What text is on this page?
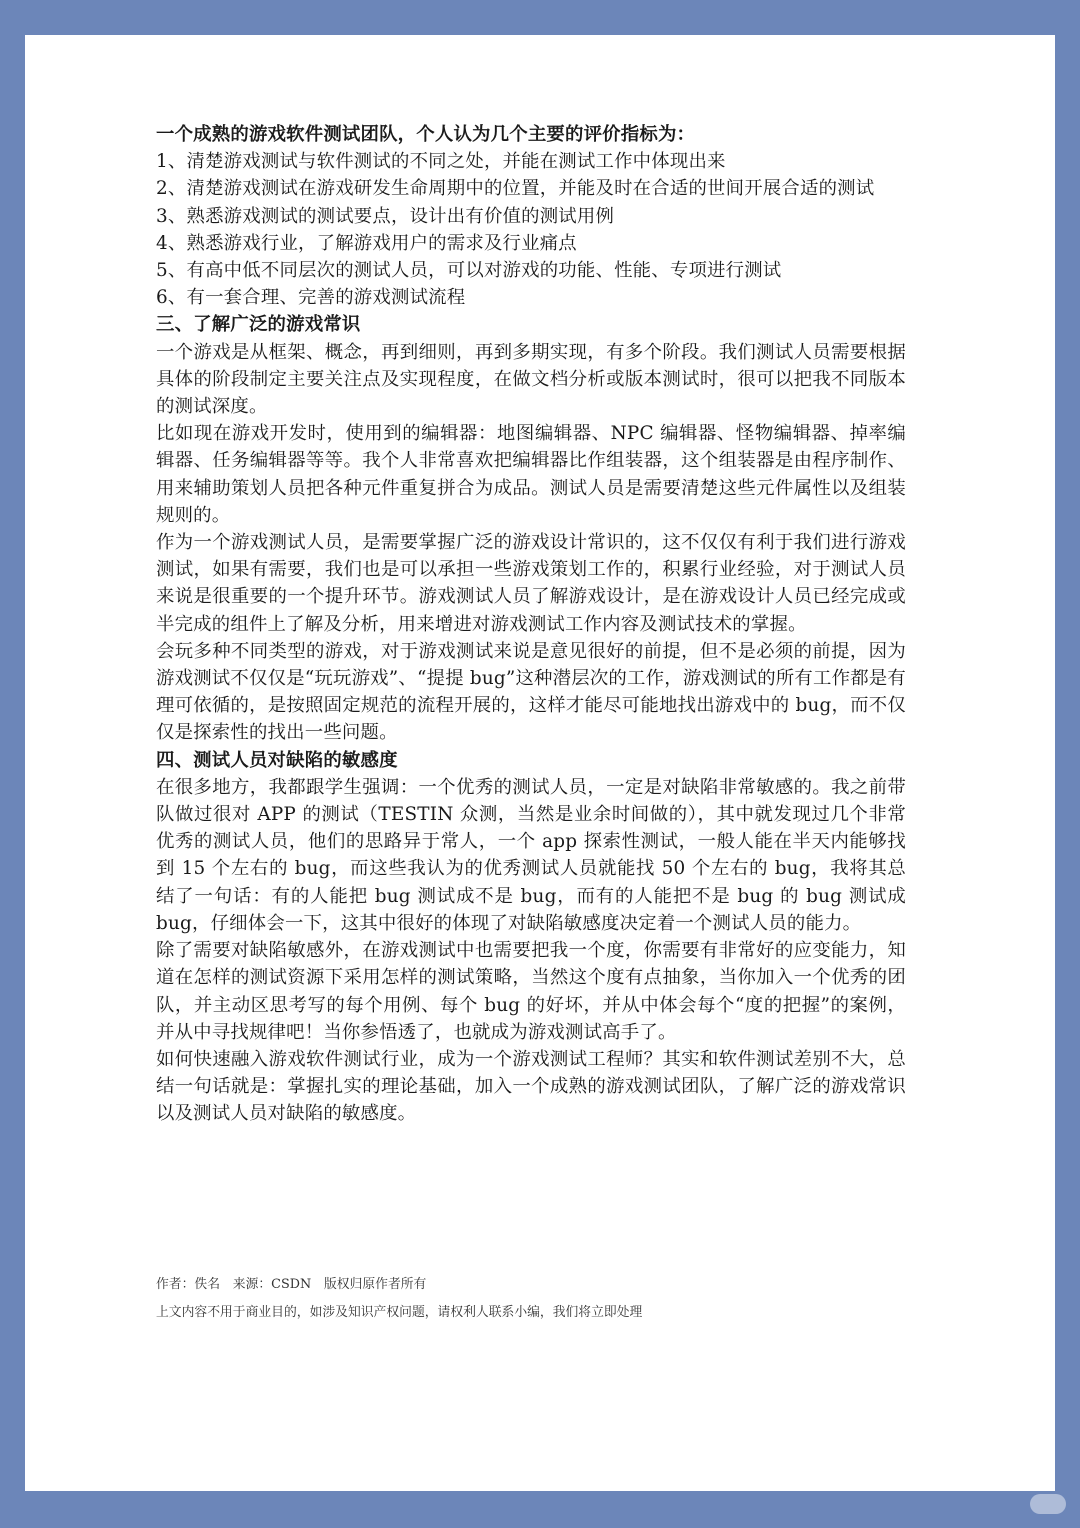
一个成熟的游戏软件测试团队，个人认为几个主要的评价指标为：

1、清楚游戏测试与软件测试的不同之处，并能在测试工作中体现出来

2、清楚游戏测试在游戏研发生命周期中的位置，并能及时在合适的世间开展合适的测试

3、熟悉游戏测试的测试要点，设计出有价值的测试用例

4、熟悉游戏行业，了解游戏用户的需求及行业痛点

5、有高中低不同层次的测试人员，可以对游戏的功能、性能、专项进行测试

6、有一套合理、完善的游戏测试流程

三、了解广泛的游戏常识

一个游戏是从框架、概念，再到细则，再到多期实现，有多个阶段。我们测试人员需要根据具体的阶段制定主要关注点及实现程度，在做文档分析或版本测试时，很可以把我不同版本的测试深度。

比如现在游戏开发时，使用到的编辑器：地图编辑器、NPC 编辑器、怪物编辑器、掉率编辑器、任务编辑器等等。我个人非常喜欢把编辑器比作组装器，这个组装器是由程序制作、用来辅助策划人员把各种元件重复拼合为成品。测试人员是需要清楚这些元件属性以及组装规则的。

作为一个游戏测试人员，是需要掌握广泛的游戏设计常识的，这不仅仅有利于我们进行游戏测试，如果有需要，我们也是可以承担一些游戏策划工作的，积累行业经验，对于测试人员来说是很重要的一个提升环节。游戏测试人员了解游戏设计，是在游戏设计人员已经完成或半完成的组件上了解及分析，用来增进对游戏测试工作内容及测试技术的掌握。

会玩多种不同类型的游戏，对于游戏测试来说是意见很好的前提，但不是必须的前提，因为游戏测试不仅仅是“玩玩游戏”、“提提 bug”这种潜层次的工作，游戏测试的所有工作都是有理可依循的，是按照固定规范的流程开展的，这样才能尽可能地找出游戏中的 bug，而不仅仅是探索性的找出一些问题。

四、测试人员对缺陷的敏感度

在很多地方，我都跟学生强调：一个优秀的测试人员，一定是对缺陷非常敏感的。我之前带队做过很对 APP 的测试（TESTIN 众测，当然是业余时间做的），其中就发现过几个非常优秀的测试人员，他们的思路异于常人，一个 app 探索性测试，一般人能在半天内能够找到 15 个左右的 bug，而这些我认为的优秀测试人员就能找 50 个左右的 bug，我将其总结了一句话：有的人能把 bug 测试成不是 bug，而有的人能把不是 bug 的 bug 测试成 bug，仔细体会一下，这其中很好的体现了对缺陷敏感度决定着一个测试人员的能力。

除了需要对缺陷敏感外，在游戏测试中也需要把我一个度，你需要有非常好的应变能力，知道在怎样的测试资源下采用怎样的测试策略，当然这个度有点抽象，当你加入一个优秀的团队，并主动区思考写的每个用例、每个 bug 的好坏，并从中体会每个“度的把握”的案例，并从中寻找规律吧！当你参悟透了，也就成为游戏测试高手了。

如何快速融入游戏软件测试行业，成为一个游戏测试工程师？其实和软件测试差别不大，总结一句话就是：掌握扎实的理论基础，加入一个成熟的游戏测试团队，了解广泛的游戏常识以及测试人员对缺陷的敏感度。

作者：佚名　来源：CSDN　版权归原作者所有

上文内容不用于商业目的，如涉及知识产权问题，请权利人联系小编，我们将立即处理
